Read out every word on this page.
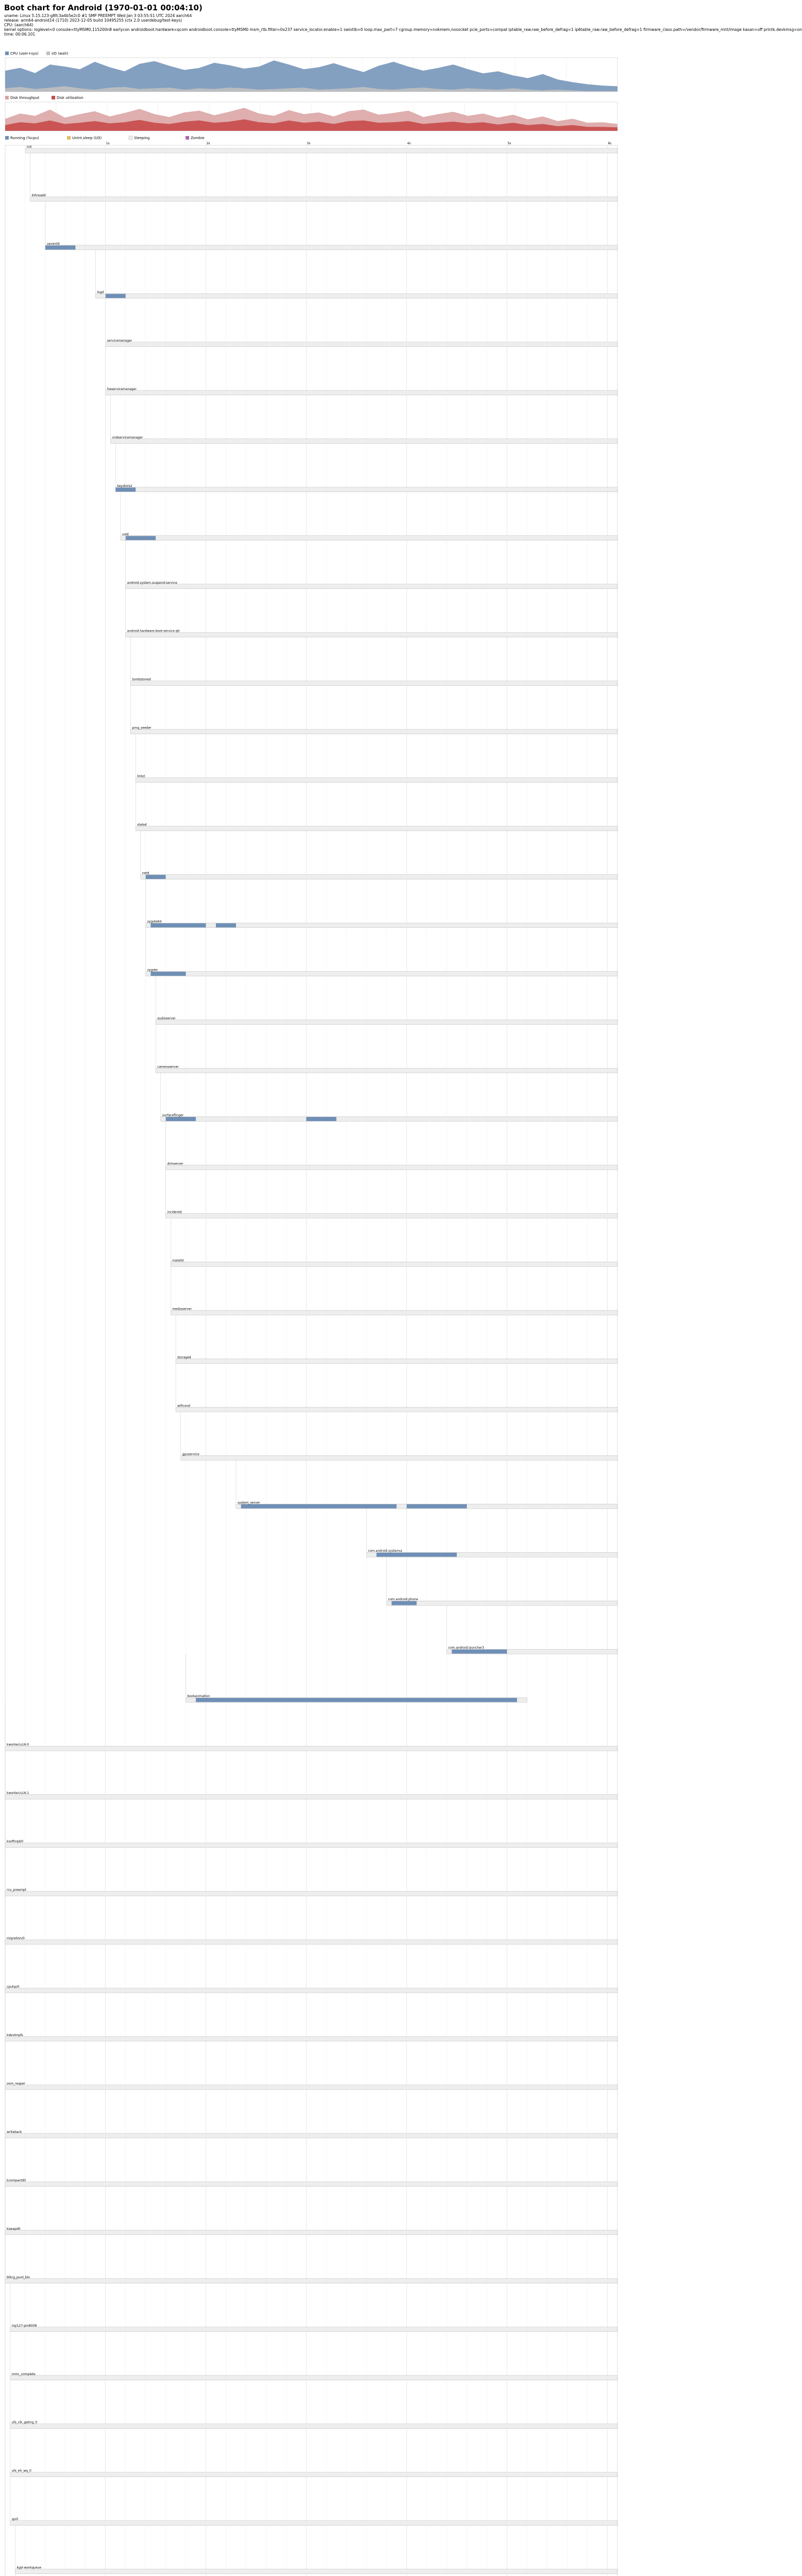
Boot chart for Android (1970-01-01 00:04:10)
uname: Linux 5.15.123-g8fc3a4b5e2c0 #1 SMP PREEMPT Wed Jan 3 03:55:51 UTC 2024 aarch64
release: arm64-android14 (1710) 2023-12-05 build 10495255 (ctx 2.0 userdebug/test-keys)
CPU: (aarch64)
kernel options: loglevel=0 console=ttyMSM0,115200n8 earlycon androidboot.hardware=qcom androidboot.console=ttyMSM0 msm_rtb.filter=0x237 service_locator.enable=1 swiotlb=0 loop.max_part=7 cgroup.memory=nokmem,nosocket pcie_ports=compat iptable_raw.raw_before_defrag=1 ip6table_raw.raw_before_defrag=1 firmware_class.path=/vendor/firmware_mnt/image kasan=off printk.devkmsg=on
time: 00:06.101
CPU (user+sys)	I/O (wait)
Disk throughput	Disk utilization
Running (%cpu)	Unint.sleep (I/O)	Sleeping	Zombie
1s	2s	3s	4s	5s	6s
init
kthreadd
ueventd
logd
servicemanager
hwservicemanager
vndservicemanager
keystore2
vold
android.system.suspend-service
android.hardware.boot-service.qti
tombstoned
prng_seeder
lmkd
statsd
netd
zygote64
zygote
audioserver
cameraserver
surfaceflinger
drmserver
incidentd
installd
mediaserver
storaged
wificond
gpuservice
system_server
com.android.systemui
com.android.phone
com.android.launcher3
bootanimation
kworker/u16:0
kworker/u16:1
ksoftirqd/0
rcu_preempt
migration/0
cpuhp/0
kdevtmpfs
oom_reaper
writeback
kcompactd0
kswapd0
blkcg_punt_bio
irq/127-pm8008
mmc_complete
ufs_clk_gating_0
ufs_eh_wq_0
spi0
kgsl-workqueue
